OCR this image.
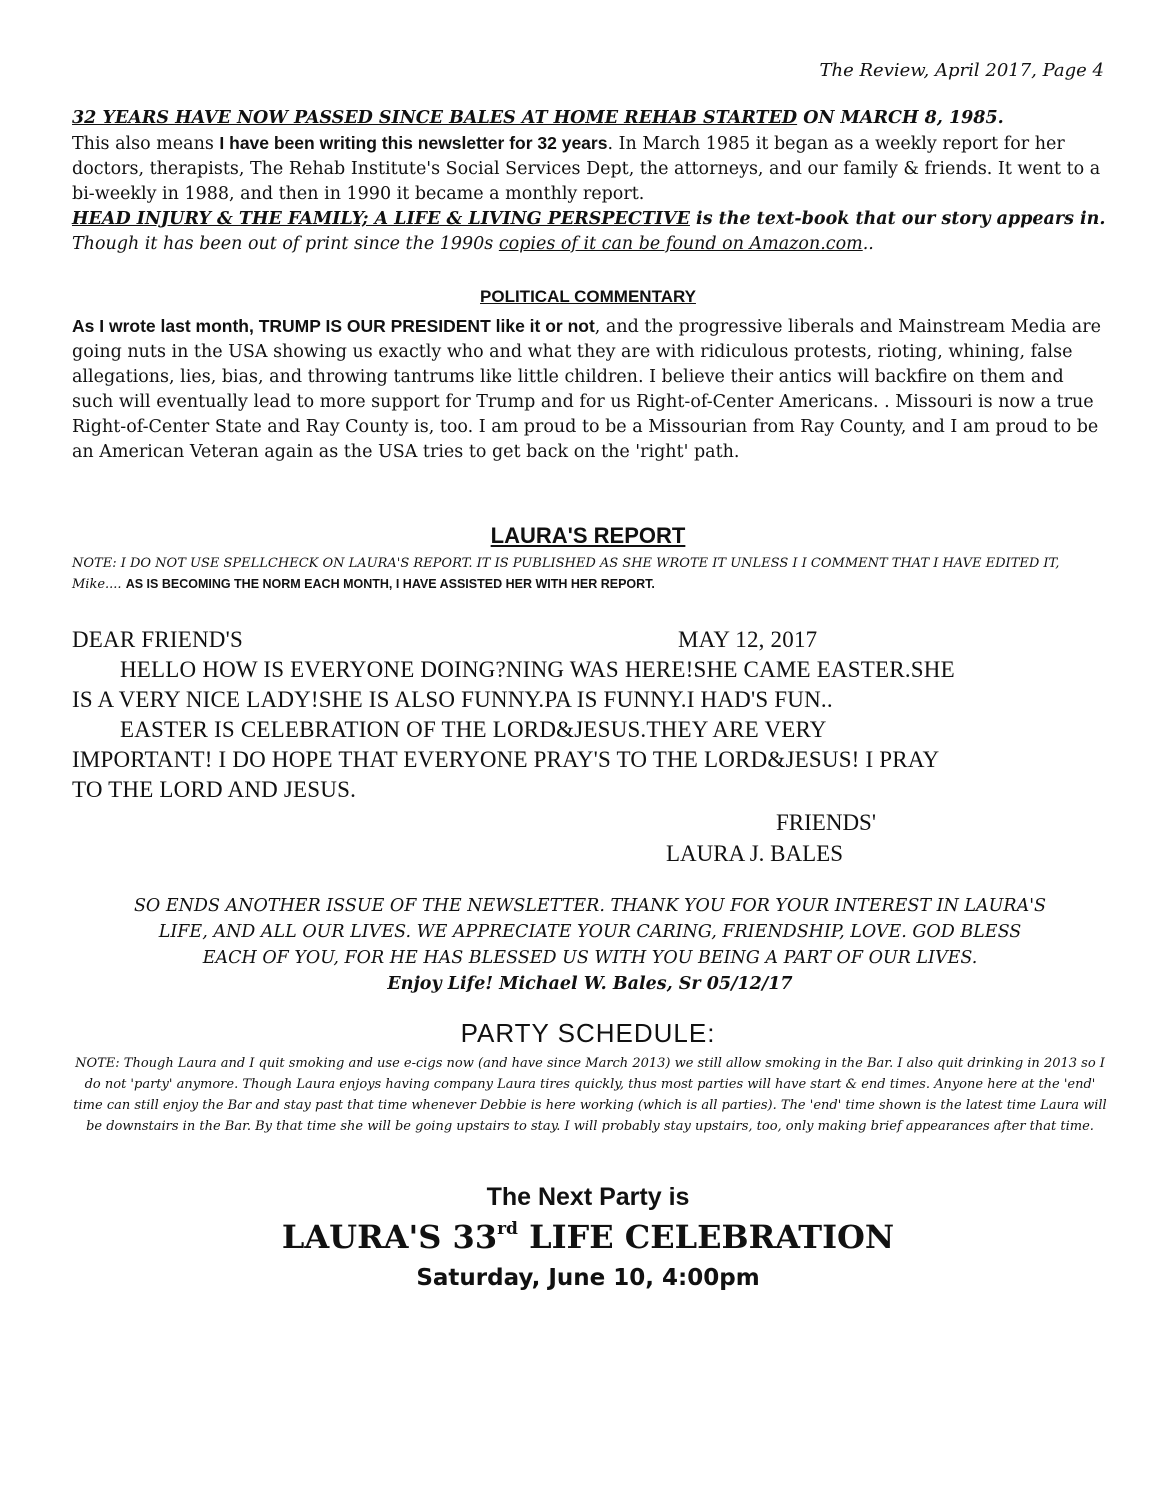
The Review, April 2017, Page 4
32 YEARS HAVE NOW PASSED SINCE BALES AT HOME REHAB STARTED ON MARCH 8, 1985.
This also means I have been writing this newsletter for 32 years. In March 1985 it began as a weekly report for her doctors, therapists, The Rehab Institute's Social Services Dept, the attorneys, and our family & friends. It went to a bi-weekly in 1988, and then in 1990 it became a monthly report.
HEAD INJURY & THE FAMILY; A LIFE & LIVING PERSPECTIVE is the text-book that our story appears in. Though it has been out of print since the 1990s copies of it can be found on Amazon.com..
POLITICAL COMMENTARY
As I wrote last month, TRUMP IS OUR PRESIDENT like it or not, and the progressive liberals and Mainstream Media are going nuts in the USA showing us exactly who and what they are with ridiculous protests, rioting, whining, false allegations, lies, bias, and throwing tantrums like little children. I believe their antics will backfire on them and such will eventually lead to more support for Trump and for us Right-of-Center Americans. . Missouri is now a true Right-of-Center State and Ray County is, too. I am proud to be a Missourian from Ray County, and I am proud to be an American Veteran again as the USA tries to get back on the 'right' path.
LAURA'S REPORT
NOTE: I DO NOT USE SPELLCHECK ON LAURA'S REPORT. IT IS PUBLISHED AS SHE WROTE IT UNLESS I I COMMENT THAT I HAVE EDITED IT, Mike.... AS IS BECOMING THE NORM EACH MONTH, I HAVE ASSISTED HER WITH HER REPORT.
DEAR FRIEND'S	MAY 12, 2017
HELLO HOW IS EVERYONE DOING?NING WAS HERE!SHE CAME EASTER.SHE
IS A VERY NICE LADY!SHE IS ALSO FUNNY.PA IS FUNNY.I HAD'S FUN..
EASTER IS CELEBRATION OF THE LORD&JESUS.THEY ARE VERY
IMPORTANT! I DO HOPE THAT EVERYONE PRAY'S TO THE LORD&JESUS! I PRAY
TO THE LORD AND JESUS.
FRIENDS'
LAURA J. BALES
SO ENDS ANOTHER ISSUE OF THE NEWSLETTER. THANK YOU FOR YOUR INTEREST IN LAURA'S
LIFE, AND ALL OUR LIVES. WE APPRECIATE YOUR CARING, FRIENDSHIP, LOVE. GOD BLESS
EACH OF YOU, FOR HE HAS BLESSED US WITH YOU BEING A PART OF OUR LIVES.
Enjoy Life! Michael W. Bales, Sr 05/12/17
PARTY SCHEDULE:
NOTE: Though Laura and I quit smoking and use e-cigs now (and have since March 2013) we still allow smoking in the Bar. I also quit drinking in 2013 so I do not 'party' anymore. Though Laura enjoys having company Laura tires quickly, thus most parties will have start & end times. Anyone here at the 'end' time can still enjoy the Bar and stay past that time whenever Debbie is here working (which is all parties). The 'end' time shown is the latest time Laura will be downstairs in the Bar. By that time she will be going upstairs to stay. I will probably stay upstairs, too, only making brief appearances after that time.
The Next Party is
LAURA'S 33rd LIFE CELEBRATION
Saturday, June 10, 4:00pm
